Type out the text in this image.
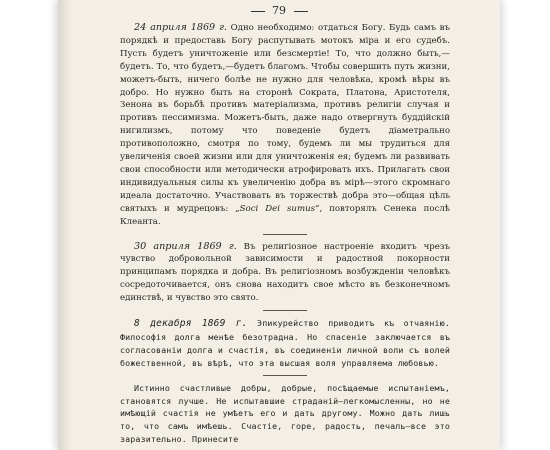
79

24 априля 1869 г. Одно необходимо: отдаться Богу. Будь самъ въ порядкѣ и предоставь Богу распутывать мотокъ міра и его судебъ. Пусть будетъ уничтоженіе или безсмертіе! То, что должно быть,—будетъ. То, что будетъ,—будетъ благомъ. Чтобы совершить путь жизни, можетъ-быть, ничего болѣе не нужно для человѣка, кромѣ вѣры въ добро. Но нужно быть на сторонѣ Сократа, Платона, Аристотеля, Зенона въ борьбѣ противъ матеріализма, противъ религіи случая и противъ пессимизма. Можетъ-быть, даже надо отвергнуть буддійскій нигилизмъ, потому что поведеніе будетъ діаметрально противоположно, смотря по тому, будемъ ли мы трудиться для увеличенія своей жизни или для уничтоженія ея; будемъ ли развивать свои способности или методически атрофировать ихъ. Прилагать свои индивидуальныя силы къ увеличенію добра въ мірѣ—этого скромнаго идеала достаточно. Участвовать въ торжествѣ добра это—общая цѣль святыхъ и мудрецовъ: „Soci Dei sumus“, повторялъ Сенека послѣ Клеанта.

30 априля 1869 г. Въ религіозное настроеніе входитъ чрезъ чувство добровольной зависимости и радостной покорности принципамъ порядка и добра. Въ религіозномъ возбужденіи человѣкъ сосредоточивается, онъ снова находитъ свое мѣсто въ безконечномъ единствѣ, и чувство это свято.

8 декабря 1869 г. Эпикурейство приводитъ къ отчаянію. Философія долга менѣе безотрадна. Но спасеніе заключается въ согласованіи долга и счастія, въ соединеніи личной воли съ волей божественной, въ вѣрѣ, что эта высшая воля управляема любовью.

Истинно счастливые добры, добрые, посѣщаемые испытаніемъ, становятся лучше. Не испытавшие страданій—легкомысленны, но не имѣющій счастія не умѣетъ его и дать другому. Можно дать лишь то, что самъ имѣешь. Счастіе, горе, радость, печаль—все это заразительно. Принесите
